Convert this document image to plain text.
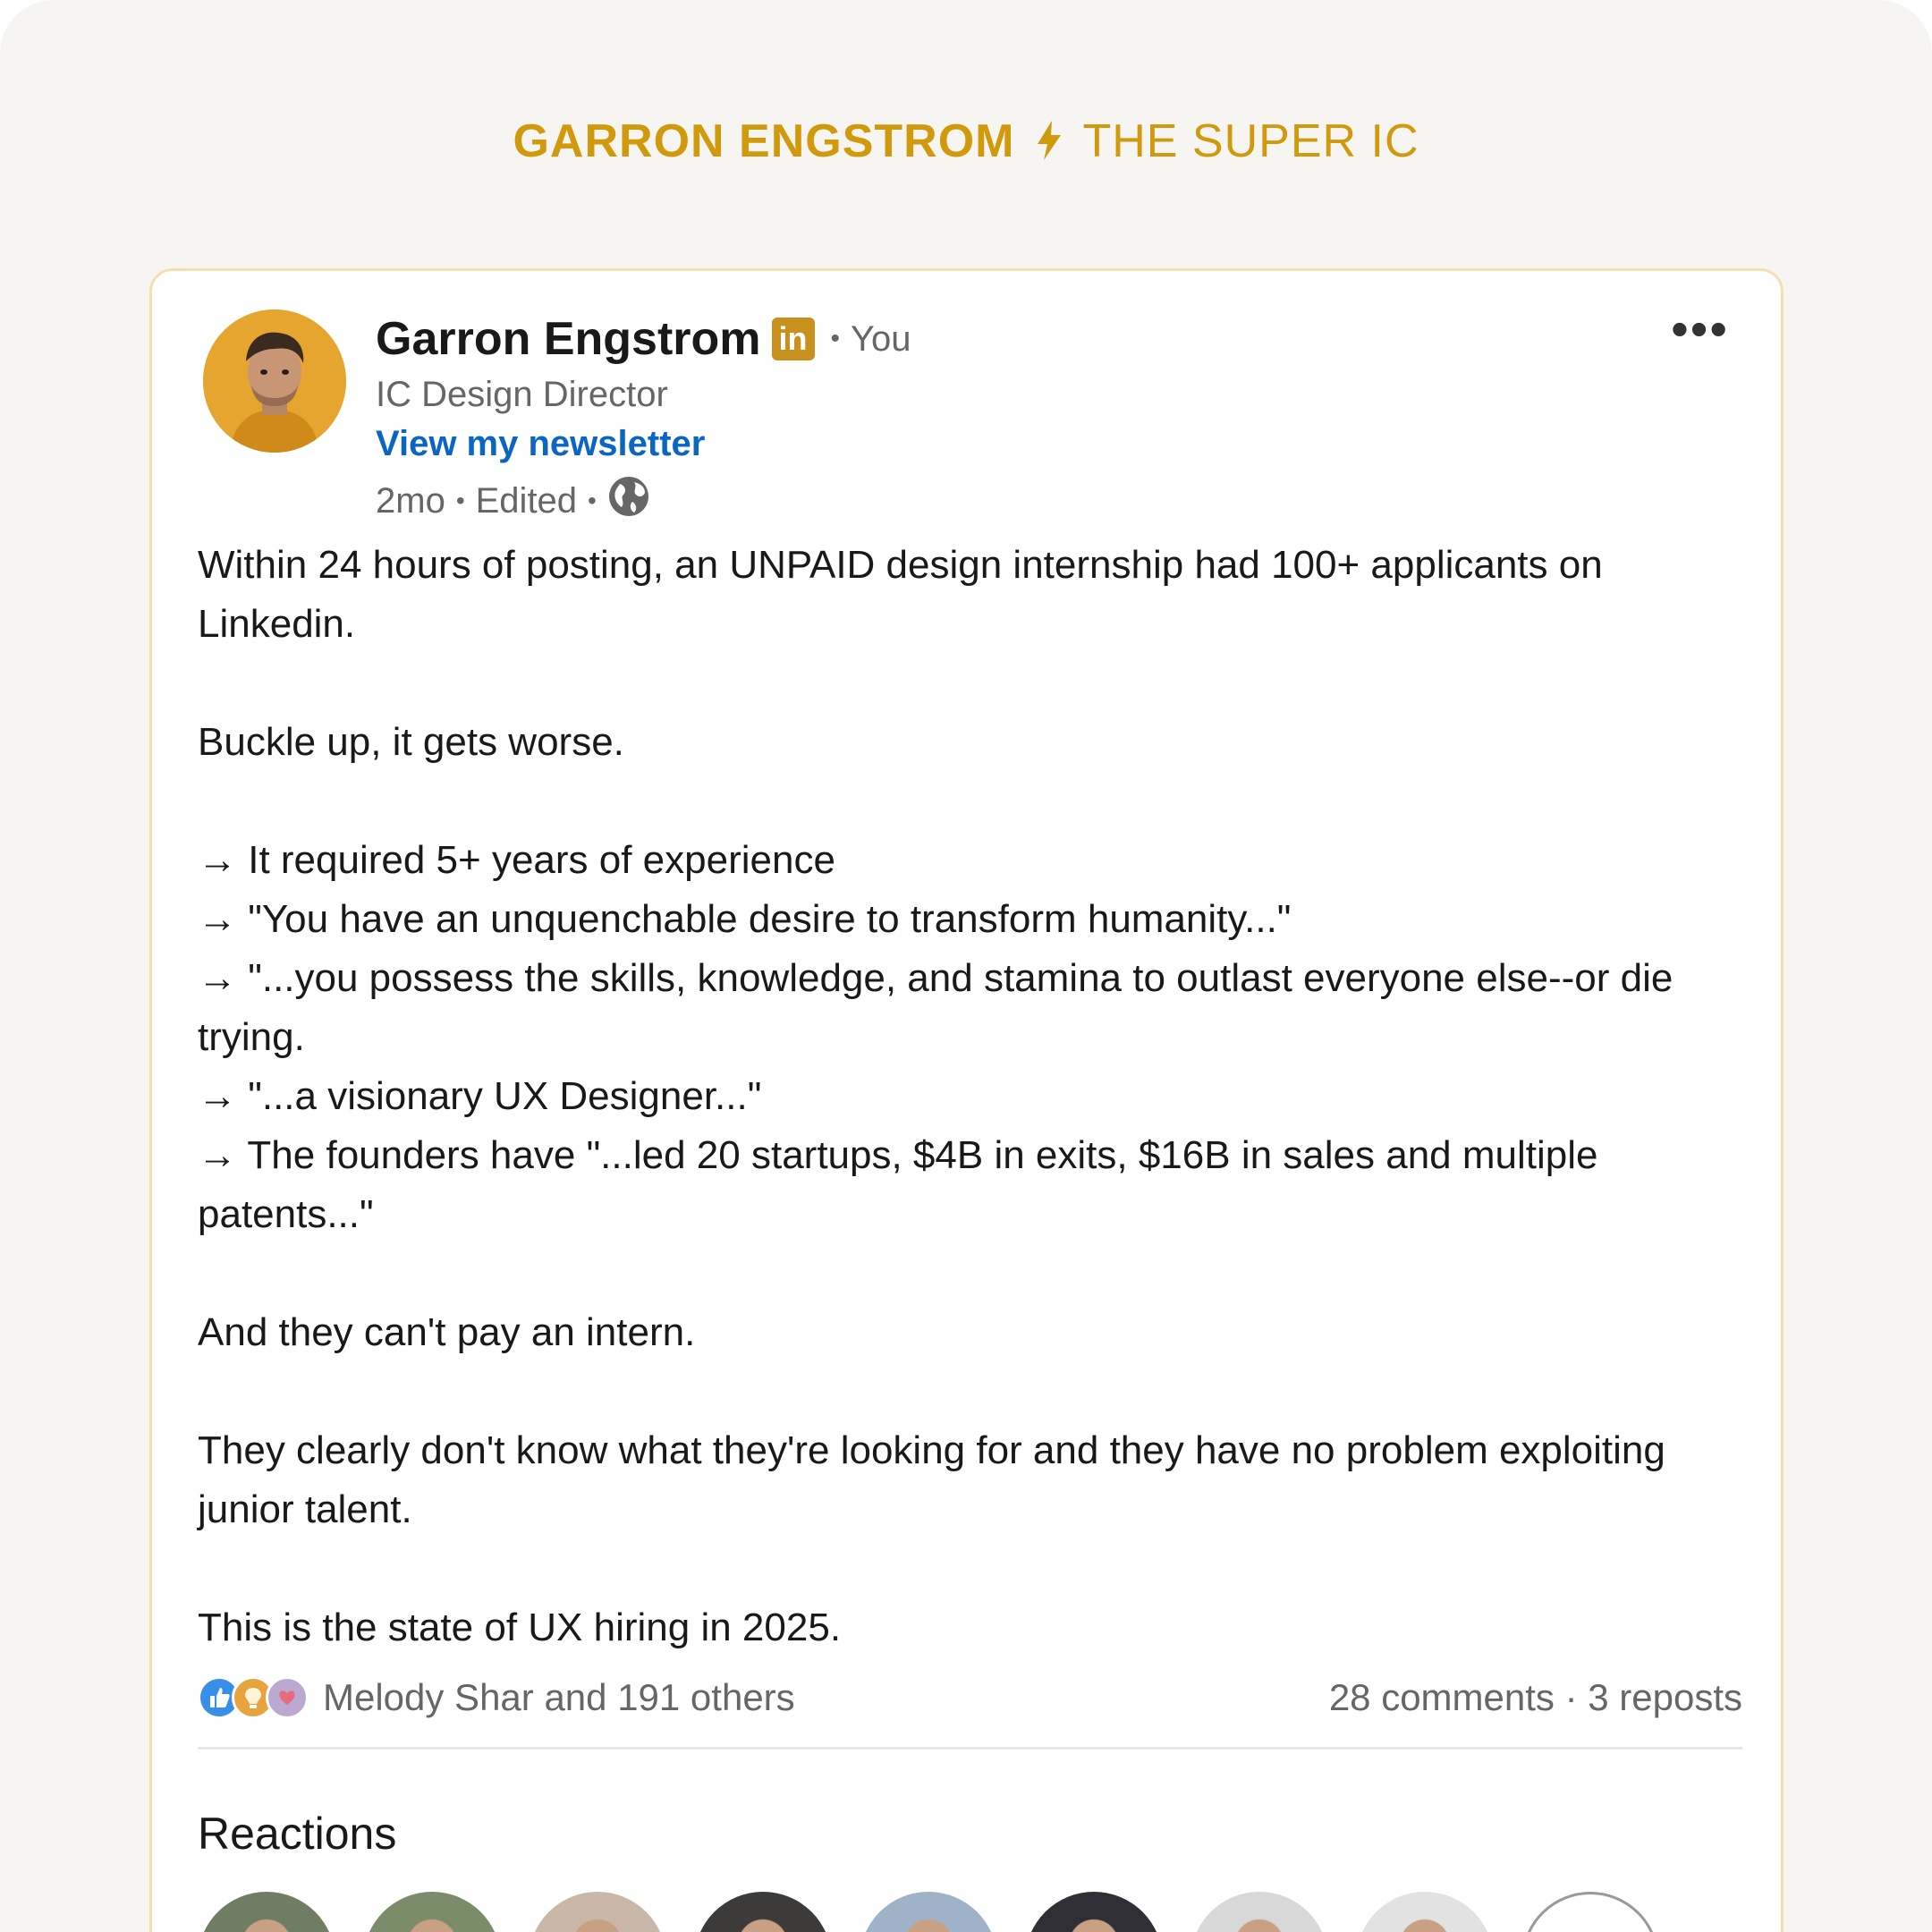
GARRON ENGSTROM THE SUPER IC
Garron Engstrom in • You
IC Design Director
View my newsletter
2mo • Edited •
•••

Within 24 hours of posting, an UNPAID design internship had 100+ applicants on Linkedin.

Buckle up, it gets worse.

→ It required 5+ years of experience

→ "You have an unquenchable desire to transform humanity..."

→ "...you possess the skills, knowledge, and stamina to outlast everyone else--or die trying.

→ "...a visionary UX Designer..."

→ The founders have "...led 20 startups, $4B in exits, $16B in sales and multiple patents..."

And they can't pay an intern.

They clearly don't know what they're looking for and they have no problem exploiting junior talent.

This is the state of UX hiring in 2025.

Melody Shar and 191 others	28 comments · 3 reposts
Reactions
